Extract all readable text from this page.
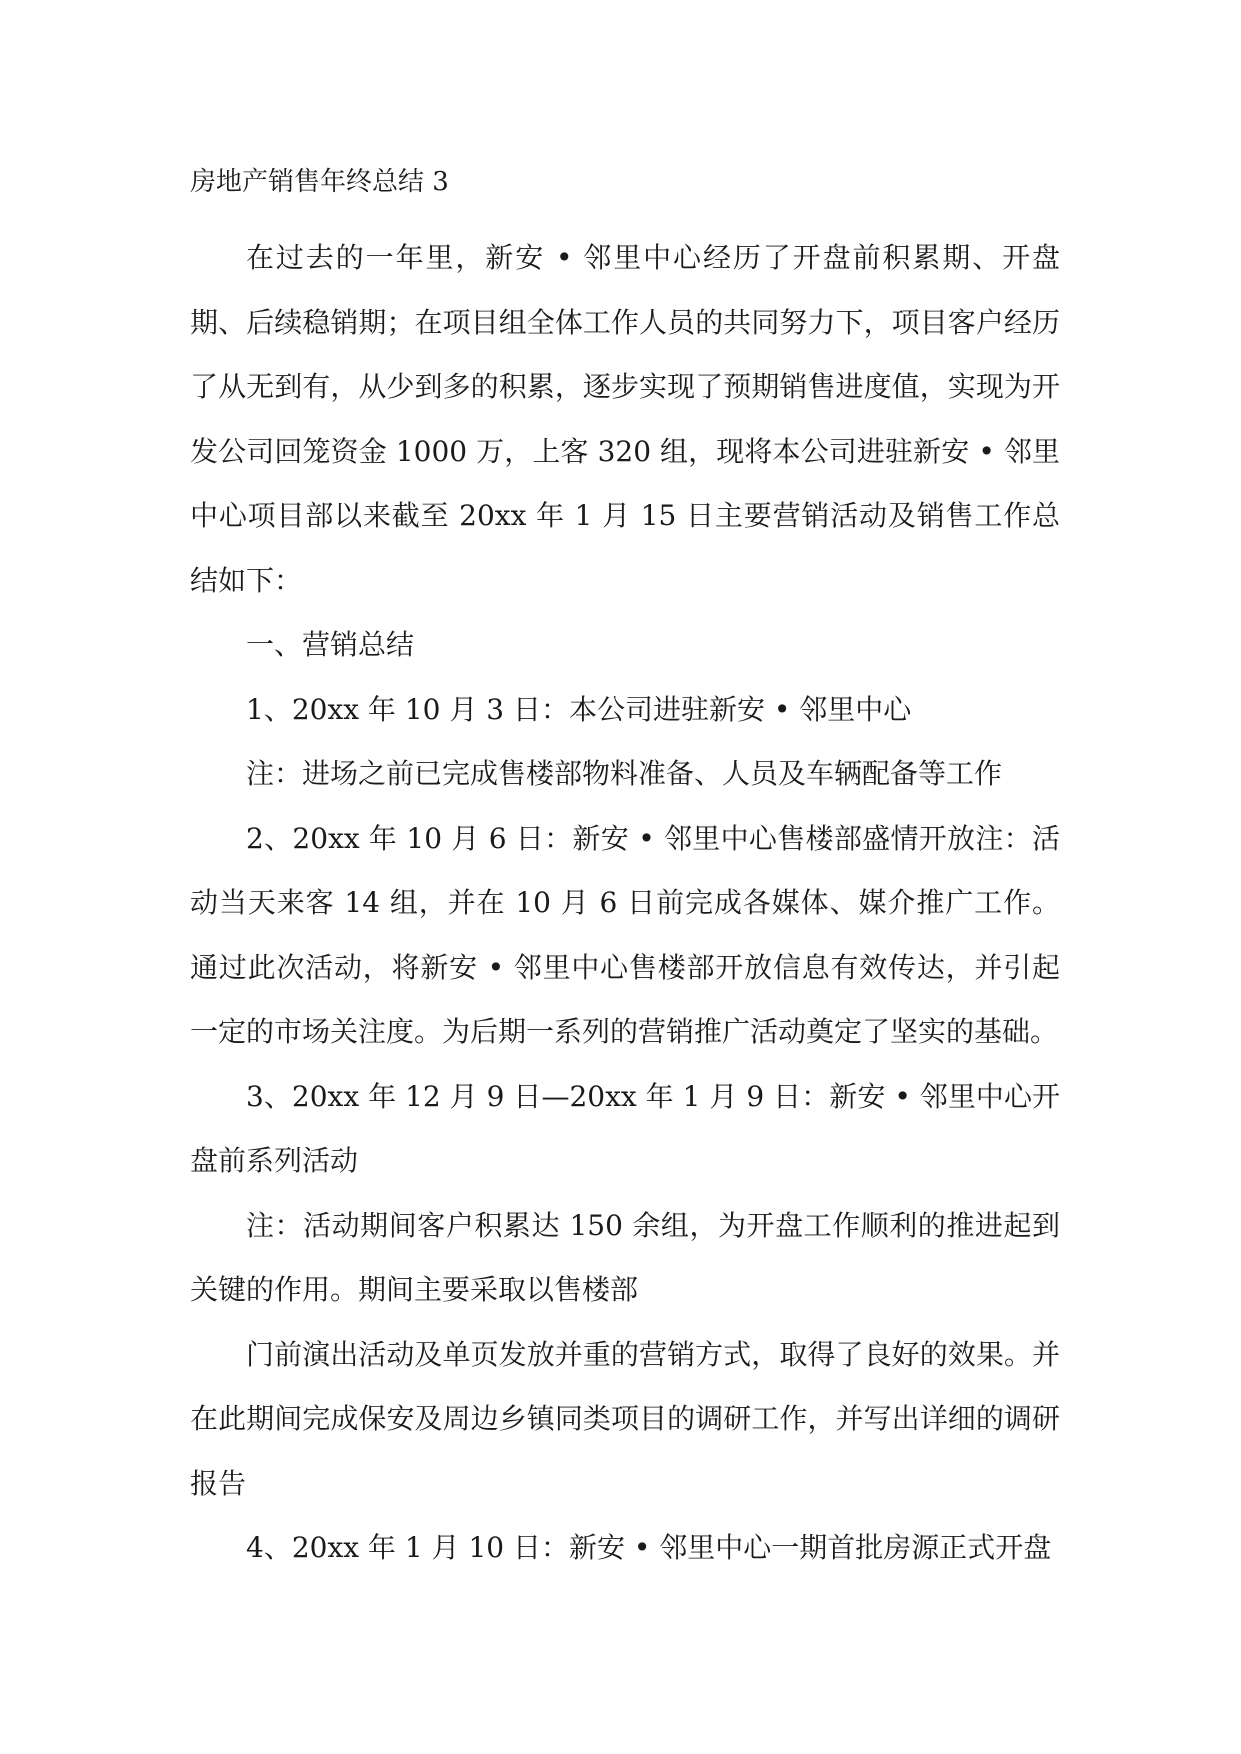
房地产销售年终总结 3

在过去的一年里，新安 • 邻里中心经历了开盘前积累期、开盘期、后续稳销期；在项目组全体工作人员的共同努力下，项目客户经历了从无到有，从少到多的积累，逐步实现了预期销售进度值，实现为开发公司回笼资金 1000 万，上客 320 组，现将本公司进驻新安 • 邻里中心项目部以来截至 20xx 年 1 月 15 日主要营销活动及销售工作总结如下：

一、营销总结

1、20xx 年 10 月 3 日：本公司进驻新安 • 邻里中心

注：进场之前已完成售楼部物料准备、人员及车辆配备等工作

2、20xx 年 10 月 6 日：新安 • 邻里中心售楼部盛情开放注：活动当天来客 14 组，并在 10 月 6 日前完成各媒体、媒介推广工作。通过此次活动，将新安 • 邻里中心售楼部开放信息有效传达，并引起一定的市场关注度。为后期一系列的营销推广活动奠定了坚实的基础。

3、20xx 年 12 月 9 日—20xx 年 1 月 9 日：新安 • 邻里中心开盘前系列活动

注：活动期间客户积累达 150 余组，为开盘工作顺利的推进起到关键的作用。期间主要采取以售楼部

门前演出活动及单页发放并重的营销方式，取得了良好的效果。并在此期间完成保安及周边乡镇同类项目的调研工作，并写出详细的调研报告

4、20xx 年 1 月 10 日：新安 • 邻里中心一期首批房源正式开盘
